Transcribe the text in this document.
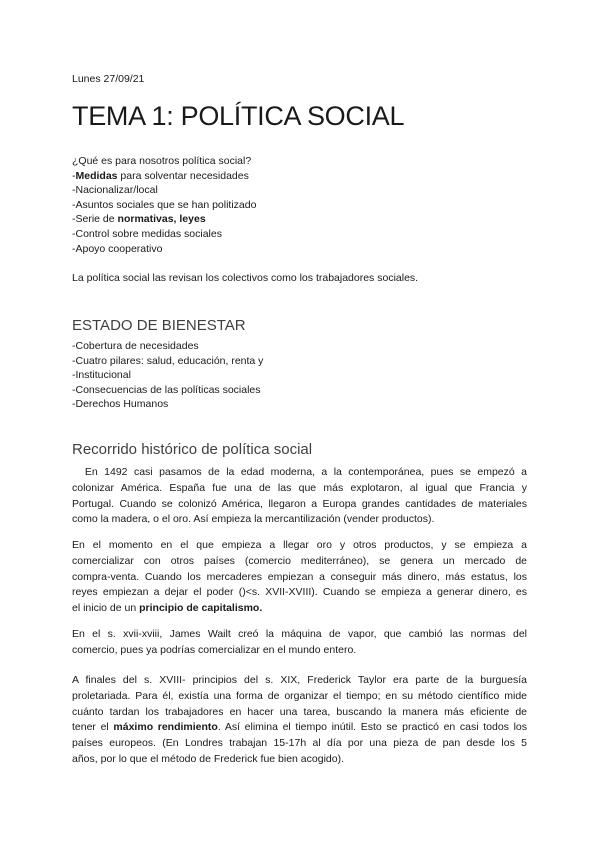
Lunes 27/09/21
TEMA 1: POLÍTICA SOCIAL
¿Qué es para nosotros política social?
-Medidas para solventar necesidades
-Nacionalizar/local
-Asuntos sociales que se han politizado
-Serie de normativas, leyes
-Control sobre medidas sociales
-Apoyo cooperativo
La política social las revisan los colectivos como los trabajadores sociales.
ESTADO DE BIENESTAR
-Cobertura de necesidades
-Cuatro pilares: salud, educación, renta y
-Institucional
-Consecuencias de las políticas sociales
-Derechos Humanos
Recorrido histórico de política social
En 1492 casi pasamos de la edad moderna, a la contemporánea, pues se empezó a
colonizar América. España fue una de las que más explotaron, al igual que Francia y
Portugal. Cuando se colonizó América, llegaron a Europa grandes cantidades de materiales
como la madera, o el oro. Así empieza la mercantilización (vender productos).
En el momento en el que empieza a llegar oro y otros productos, y se empieza a
comercializar con otros países (comercio mediterráneo), se genera un mercado de
compra-venta. Cuando los mercaderes empiezan a conseguir más dinero, más estatus, los
reyes empiezan a dejar el poder ()<s. XVII-XVIII). Cuando se empieza a generar dinero, es
el inicio de un principio de capitalismo.
En el s. xvii-xviii, James Wailt creó la máquina de vapor, que cambió las normas del
comercio, pues ya podrías comercializar en el mundo entero.
A finales del s. XVIII- principios del s. XIX, Frederick Taylor era parte de la burguesía
proletariada. Para él, existía una forma de organizar el tiempo; en su método científico mide
cuánto tardan los trabajadores en hacer una tarea, buscando la manera más eficiente de
tener el máximo rendimiento. Así elimina el tiempo inútil. Esto se practicó en casi todos los
países europeos. (En Londres trabajan 15-17h al día por una pieza de pan desde los 5
años, por lo que el método de Frederick fue bien acogido).
